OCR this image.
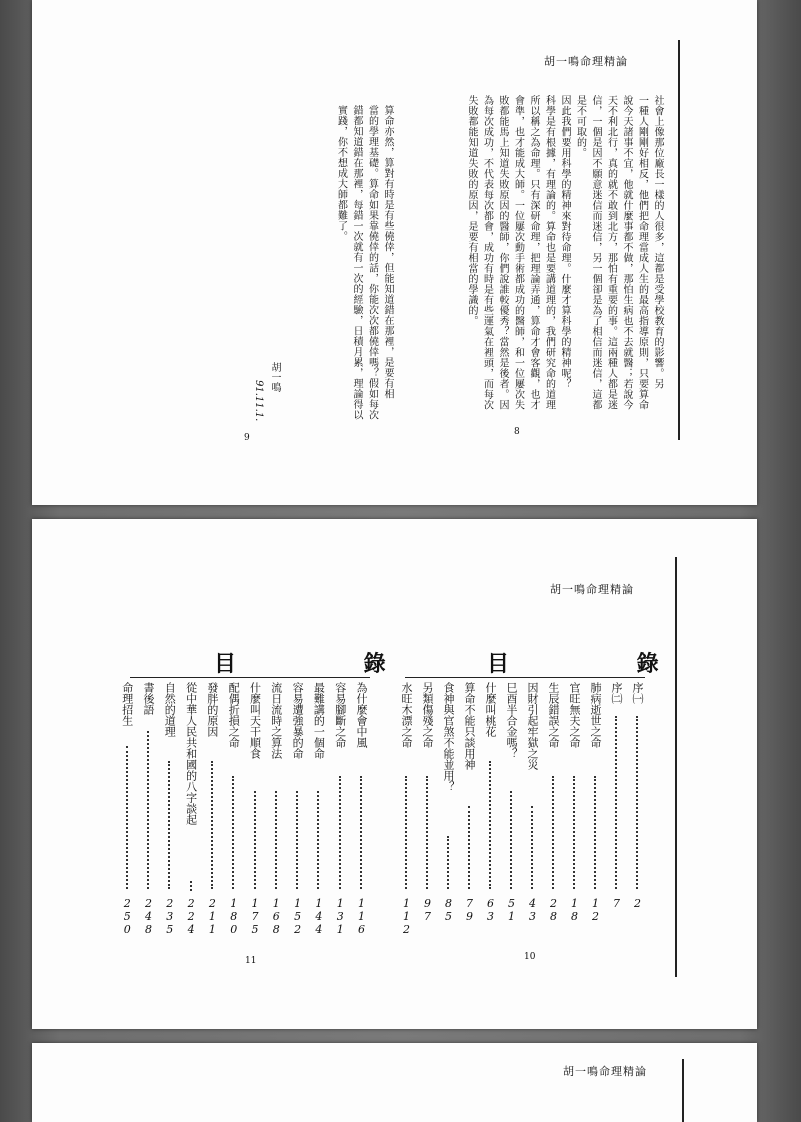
胡一鳴命理精論
社會上像那位廠長一樣的人很多，這都是受學校教育的影響。另
一種人剛剛好相反，他們把命理當成人生的最高指導原則，只要算命
說今天諸事不宜，他就什麼事都不做，那怕生病也不去就醫；若說今
天不利北行，真的就不敢到北方，那怕有重要的事。這兩種人都是迷
信，一個是因不願意迷信而迷信，另一個卻是為了相信而迷信，這都
是不可取的。
因此我們要用科學的精神來對待命理。什麼才算科學的精神呢？
科學是有根據，有理論的。算命也是要講道理的，我們研究命的道理
所以稱之為命理。只有深研命理，把理論弄通，算命才會客觀，也才
會準，也才能成大師。一位屢次動手術都成功的醫師，和一位屢次失
敗都能馬上知道失敗原因的醫師，你們說誰較優秀？當然是後者。因
為每次成功，不代表每次都會，成功有時是有些運氣在裡頭，而每次
失敗都能知道失敗的原因，是要有相當的學識的。
8
算命亦然，算對有時是有些僥倖，但能知道錯在那裡，是要有相
當的學理基礎。算命如果靠僥倖的話，你能次次都僥倖嗎？假如每次
錯都知道錯在那裡，每錯一次就有一次的經驗，日積月累，理論得以
實踐，你不想成大師都難了。
胡一鳴
91.11.1.
9
胡一鳴命理精論
目 錄 目 錄
為什麼會中風
116
容易腳斷之命
131
最難講的一個命
144
容易遭強暴的命
152
流日流時之算法
168
什麼叫天干順食
175
配偶折損之命
180
發胖的原因
211
從中華人民共和國的八字談起
224
自然的道理
235
書後語
248
命理招生
250
序㈠
2
序㈡
7
肺病逝世之命
12
官旺無夫之命
18
生辰錯誤之命
28
因財引起牢獄之災
43
巳酉半合金嗎？
51
什麼叫桃花
63
算命不能只談用神
79
食神與官煞不能並用？
85
另類傷殘之命
97
水旺木漂之命
112
11	10
胡一鳴命理精論
